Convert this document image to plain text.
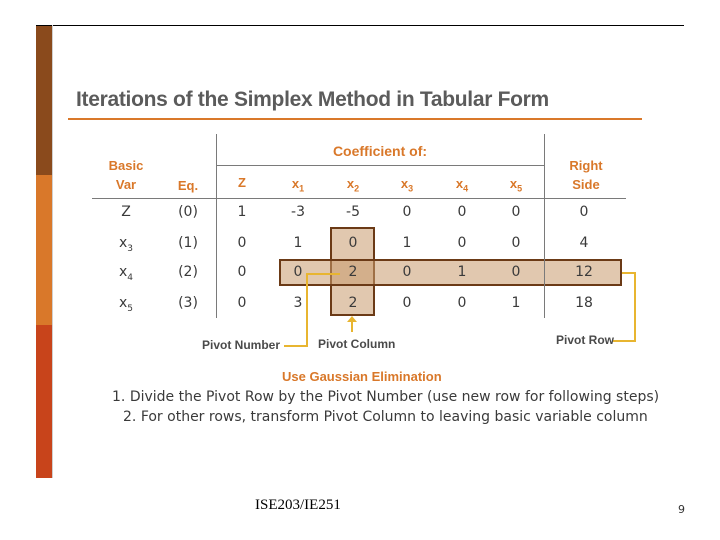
Iterations of the Simplex Method in Tabular Form
Coefficient of:
Basic
Var	Eq.	Z	$x_1$	$x_2$	$x_3$	$x_4$	$x_5$
Right
Side
Z	(0)	1	-3	-5	0	0	0	0
$x_3$	(1)	0	1	0	1	0	0	4
$x_4$	(2)	0	0	2	0	1	0	12
$x_5$	(3)	0	3	2	0	0	1	18
Pivot Number	Pivot Column	Pivot Row
Use Gaussian Elimination
1. Divide the Pivot Row by the Pivot Number (use new row for following steps)
2. For other rows, transform Pivot Column to leaving basic variable column
ISE203/IE251	9
